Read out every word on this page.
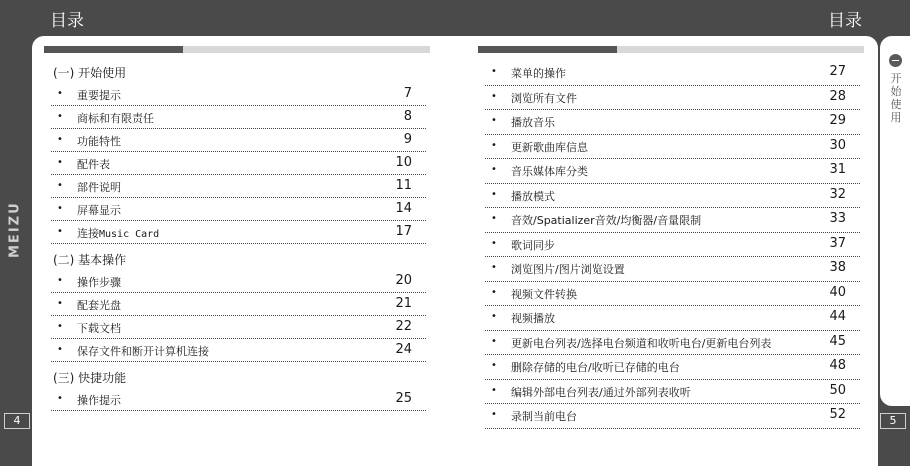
目录	目录
MEIZU
4	5
开始使用
(一) 开始使用
• 重要提示	7
• 商标和有限责任	8
• 功能特性	9
• 配件表	10
• 部件说明	11
• 屏幕显示	14
• 连接Music Card	17
(二) 基本操作
• 操作步骤	20
• 配套光盘	21
• 下载文档	22
• 保存文件和断开计算机连接	24
(三) 快捷功能
• 操作提示	25
• 菜单的操作	27
• 浏览所有文件	28
• 播放音乐	29
• 更新歌曲库信息	30
• 音乐媒体库分类	31
• 播放模式	32
• 音效/Spatializer音效/均衡器/音量限制	33
• 歌词同步	37
• 浏览图片/图片浏览设置	38
• 视频文件转换	40
• 视频播放	44
• 更新电台列表/选择电台频道和收听电台/更新电台列表	45
• 删除存储的电台/收听已存储的电台	48
• 编辑外部电台列表/通过外部列表收听	50
• 录制当前电台	52
